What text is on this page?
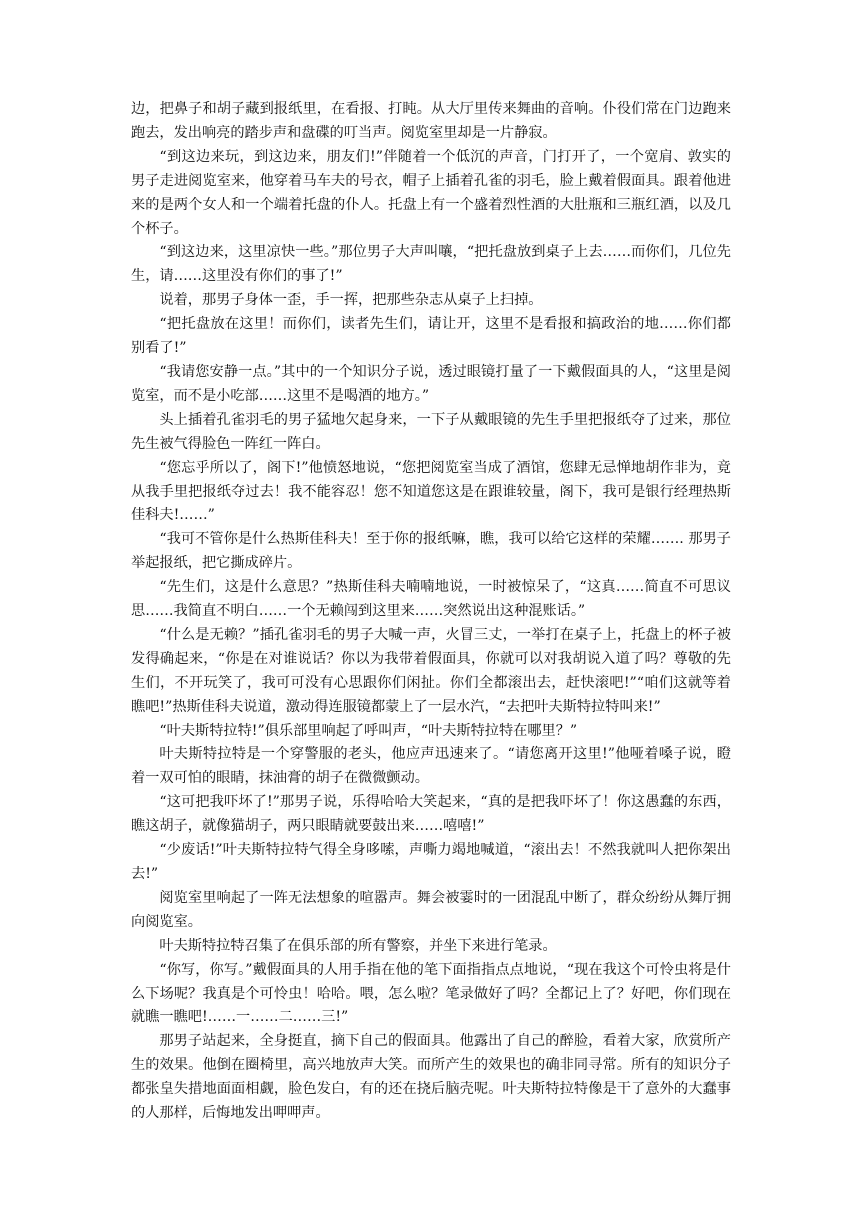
边，把鼻子和胡子藏到报纸里，在看报、打盹。从大厅里传来舞曲的音响。仆役们常在门边跑来跑去，发出响亮的踏步声和盘碟的叮当声。阅览室里却是一片静寂。

“到这边来玩，到这边来，朋友们!”伴随着一个低沉的声音，门打开了，一个宽肩、敦实的男子走进阅览室来，他穿着马车夫的号衣，帽子上插着孔雀的羽毛，脸上戴着假面具。跟着他进来的是两个女人和一个端着托盘的仆人。托盘上有一个盛着烈性酒的大肚瓶和三瓶红酒，以及几个杯子。

“到这边来，这里凉快一些。”那位男子大声叫嚷，“把托盘放到桌子上去……而你们，几位先生，请……这里没有你们的事了!”

说着，那男子身体一歪，手一挥，把那些杂志从桌子上扫掉。

“把托盘放在这里！而你们，读者先生们，请让开，这里不是看报和搞政治的地……你们都别看了!”

“我请您安静一点。”其中的一个知识分子说，透过眼镜打量了一下戴假面具的人，“这里是阅览室，而不是小吃部……这里不是喝酒的地方。”

头上插着孔雀羽毛的男子猛地欠起身来，一下子从戴眼镜的先生手里把报纸夺了过来，那位先生被气得脸色一阵红一阵白。

“您忘乎所以了，阁下!”他愤怒地说，“您把阅览室当成了酒馆，您肆无忌惮地胡作非为，竟从我手里把报纸夺过去！我不能容忍！您不知道您这是在跟谁较量，阁下，我可是银行经理热斯佳科夫!……”

“我可不管你是什么热斯佳科夫！至于你的报纸嘛，瞧，我可以给它这样的荣耀……. 那男子举起报纸，把它撕成碎片。

“先生们，这是什么意思？”热斯佳科夫喃喃地说，一时被惊呆了，“这真……简直不可思议思……我简直不明白……一个无赖闯到这里来……突然说出这种混账话。”

“什么是无赖？”插孔雀羽毛的男子大喊一声，火冒三丈，一举打在桌子上，托盘上的杯子被发得确起来，“你是在对谁说话？你以为我带着假面具，你就可以对我胡说入道了吗？尊敬的先生们，不开玩笑了，我可可没有心思跟你们闲扯。你们全都滚出去，赶快滚吧!”“咱们这就等着瞧吧!”热斯佳科夫说道，激动得连服镜都蒙上了一层水汽，“去把叶夫斯特拉特叫来!”

“叶夫斯特拉特!”俱乐部里响起了呼叫声，“叶夫斯特拉特在哪里？”

叶夫斯特拉特是一个穿警服的老头，他应声迅速来了。“请您离开这里!”他哑着嗓子说，瞪着一双可怕的眼睛，抹油膏的胡子在微微颤动。

“这可把我吓坏了!”那男子说，乐得哈哈大笑起来，“真的是把我吓坏了！你这愚蠢的东西，瞧这胡子，就像猫胡子，两只眼睛就要鼓出来……嘻嘻!”

“少废话!”叶夫斯特拉特气得全身哆嗦，声嘶力竭地喊道，“滚出去！不然我就叫人把你架出去!”

阅览室里响起了一阵无法想象的喧嚣声。舞会被霎时的一团混乱中断了，群众纷纷从舞厅拥向阅览室。

叶夫斯特拉特召集了在俱乐部的所有警察，并坐下来进行笔录。

“你写，你写。”戴假面具的人用手指在他的笔下面指指点点地说，“现在我这个可怜虫将是什么下场呢？我真是个可怜虫！哈哈。喂，怎么啦？笔录做好了吗？全都记上了？好吧，你们现在就瞧一瞧吧!……一……二……三!”

那男子站起来，全身挺直，摘下自己的假面具。他露出了自己的醉脸，看着大家，欣赏所产生的效果。他倒在圈椅里，高兴地放声大笑。而所产生的效果也的确非同寻常。所有的知识分子都张皇失措地面面相觑，脸色发白，有的还在挠后脑壳呢。叶夫斯特拉特像是干了意外的大蠢事的人那样，后悔地发出呷呷声。
